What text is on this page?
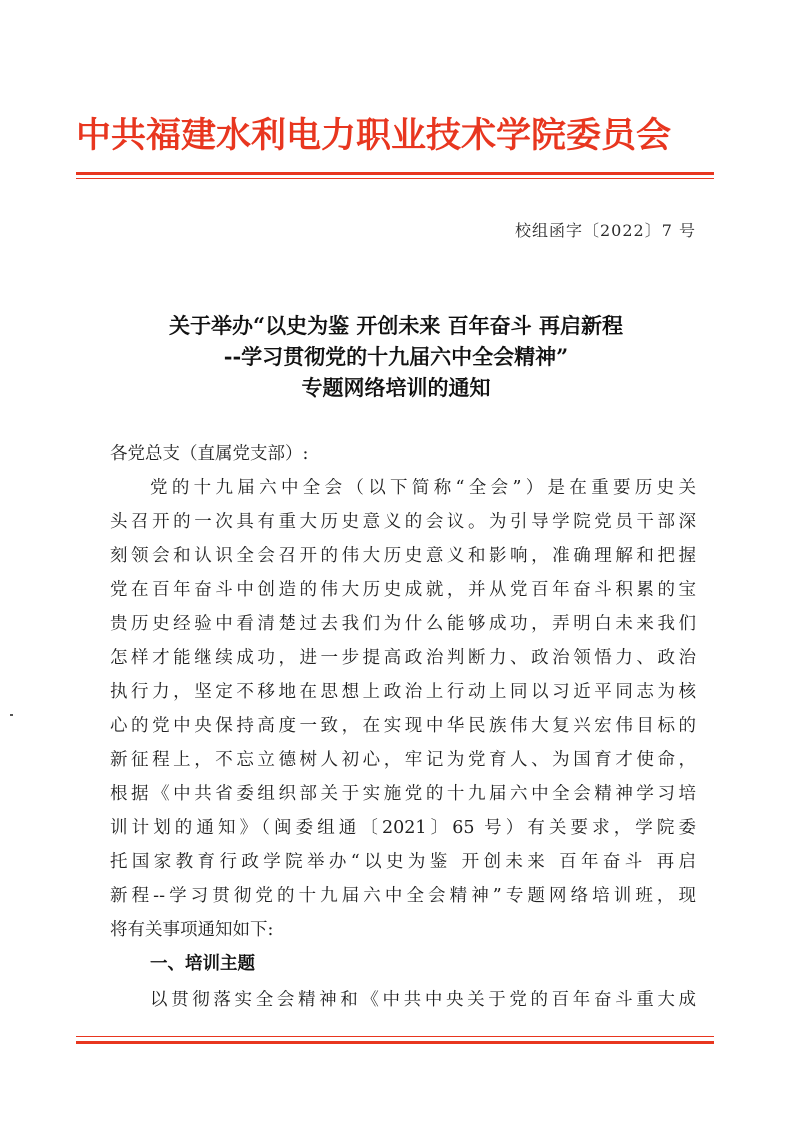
中共福建水利电力职业技术学院委员会
校组函字〔2022〕7 号
关于举办“以史为鉴 开创未来 百年奋斗 再启新程
--学习贯彻党的十九届六中全会精神”
专题网络培训的通知
各党总支（直属党支部）:
党的十九届六中全会（以下简称“全会”）是在重要历史关
头召开的一次具有重大历史意义的会议。为引导学院党员干部深
刻领会和认识全会召开的伟大历史意义和影响，准确理解和把握
党在百年奋斗中创造的伟大历史成就，并从党百年奋斗积累的宝
贵历史经验中看清楚过去我们为什么能够成功，弄明白未来我们
怎样才能继续成功，进一步提高政治判断力、政治领悟力、政治
执行力，坚定不移地在思想上政治上行动上同以习近平同志为核
心的党中央保持高度一致，在实现中华民族伟大复兴宏伟目标的
新征程上，不忘立德树人初心，牢记为党育人、为国育才使命，
根据《中共省委组织部关于实施党的十九届六中全会精神学习培
训计划的通知》（闽委组通〔2021〕65 号）有关要求，学院委
托国家教育行政学院举办“以史为鉴 开创未来 百年奋斗 再启
新程--学习贯彻党的十九届六中全会精神”专题网络培训班，现
将有关事项通知如下:
一、培训主题
以贯彻落实全会精神和《中共中央关于党的百年奋斗重大成
